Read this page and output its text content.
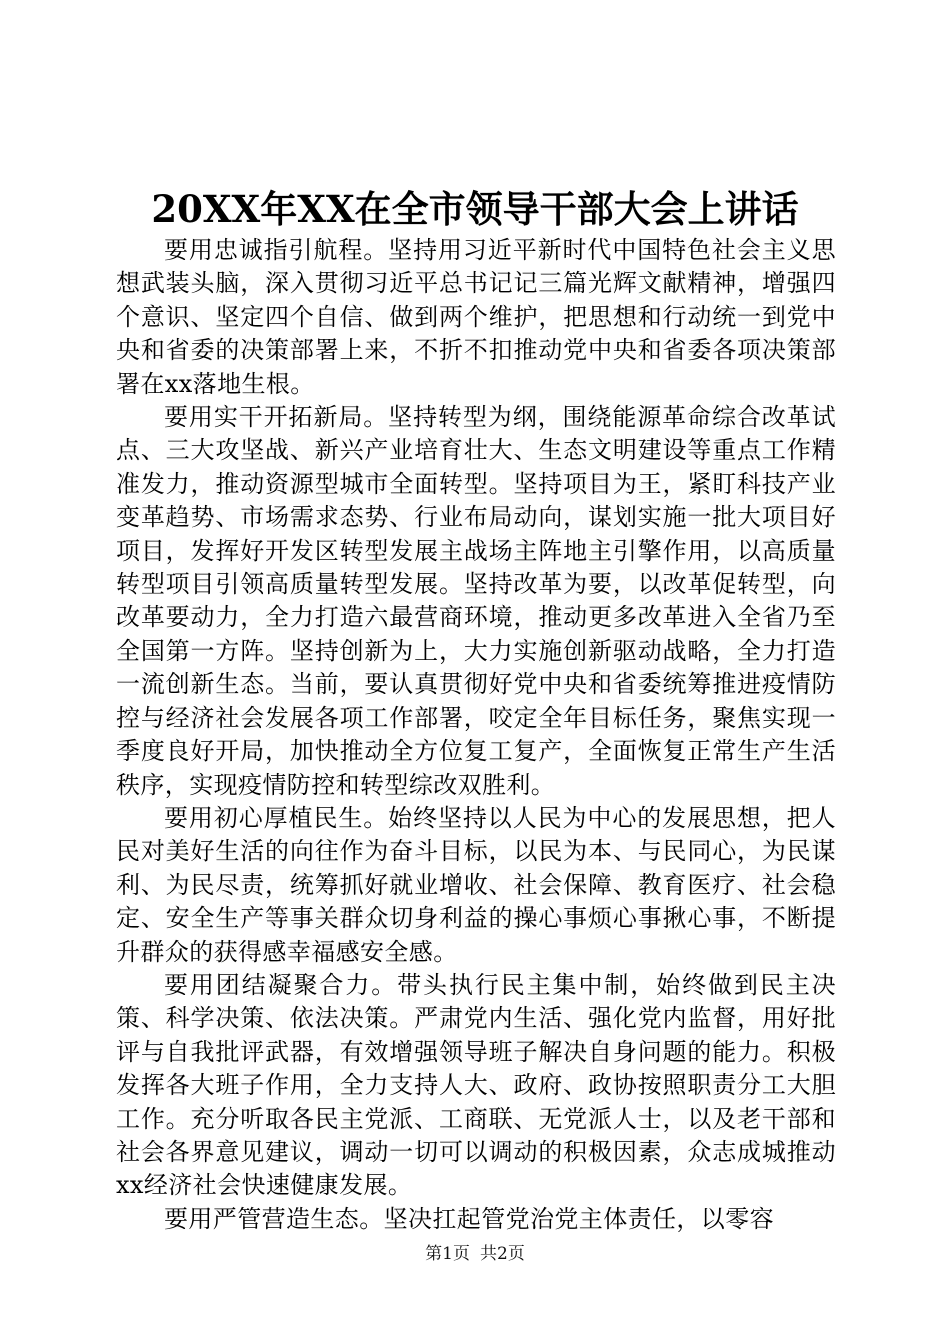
20XX年XX在全市领导干部大会上讲话

要用忠诚指引航程。坚持用习近平新时代中国特色社会主义思想武装头脑，深入贯彻习近平总书记记三篇光辉文献精神，增强四个意识、坚定四个自信、做到两个维护，把思想和行动统一到党中央和省委的决策部署上来，不折不扣推动党中央和省委各项决策部署在xx落地生根。

要用实干开拓新局。坚持转型为纲，围绕能源革命综合改革试点、三大攻坚战、新兴产业培育壮大、生态文明建设等重点工作精准发力，推动资源型城市全面转型。坚持项目为王，紧盯科技产业变革趋势、市场需求态势、行业布局动向，谋划实施一批大项目好项目，发挥好开发区转型发展主战场主阵地主引擎作用，以高质量转型项目引领高质量转型发展。坚持改革为要，以改革促转型，向改革要动力，全力打造六最营商环境，推动更多改革进入全省乃至全国第一方阵。坚持创新为上，大力实施创新驱动战略，全力打造一流创新生态。当前，要认真贯彻好党中央和省委统筹推进疫情防控与经济社会发展各项工作部署，咬定全年目标任务，聚焦实现一季度良好开局，加快推动全方位复工复产，全面恢复正常生产生活秩序，实现疫情防控和转型综改双胜利。

要用初心厚植民生。始终坚持以人民为中心的发展思想，把人民对美好生活的向往作为奋斗目标，以民为本、与民同心，为民谋利、为民尽责，统筹抓好就业增收、社会保障、教育医疗、社会稳定、安全生产等事关群众切身利益的操心事烦心事揪心事，不断提升群众的获得感幸福感安全感。

要用团结凝聚合力。带头执行民主集中制，始终做到民主决策、科学决策、依法决策。严肃党内生活、强化党内监督，用好批评与自我批评武器，有效增强领导班子解决自身问题的能力。积极发挥各大班子作用，全力支持人大、政府、政协按照职责分工大胆工作。充分听取各民主党派、工商联、无党派人士，以及老干部和社会各界意见建议，调动一切可以调动的积极因素，众志成城推动xx经济社会快速健康发展。

要用严管营造生态。坚决扛起管党治党主体责任，以零容

第1页 共2页
